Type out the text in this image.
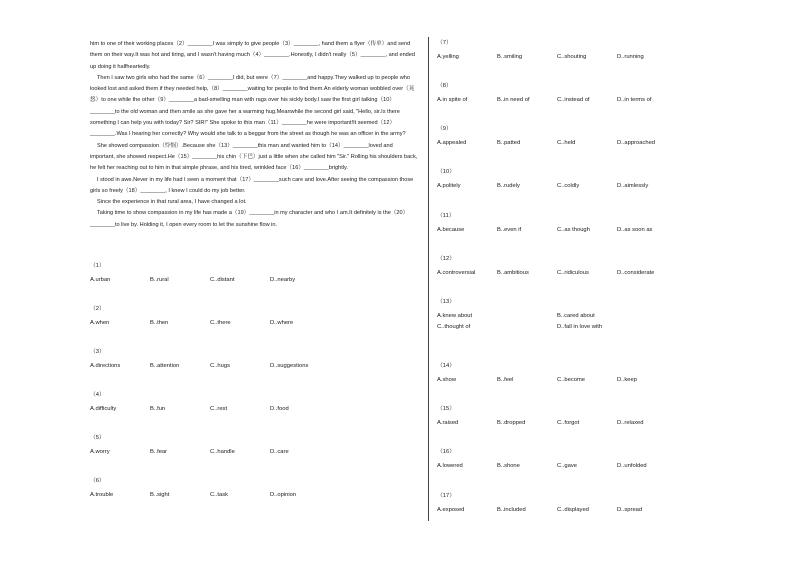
him to one of their working places（2）________I was simply to give people（3）________, hand them a flyer（传单）and send them on their way.It was hot and tiring, and I wasn't having much（4）________.Honestly, I didn't really（5）________, and ended up doing it halfheartedly.

Then I saw two girls who had the same（6）________I did, but were（7）________and happy.They walked up to people who looked lost and asked them if they needed help,（8）________waiting for people to find them.An elderly woman wobbled over（晃悠）to one while the other（9）________a bad-smelling man with rags over his sickly body.I saw the first girl talking（10）________to the old woman and then smile as she gave her a warming hug.Meanwhile the second girl said, "Hello, sir.Is there something I can help you with today? Sir? SIR!" She spoke to this man（11）________he were important!It seemed（12）________.Was I hearing her correctly? Why would she talk to a beggar from the street as though he was an officer in the army?

She showed compassion（怜悯）.Because she（13）________this man and wanted him to（14）________loved and important, she showed respect.He（15）________his chin（下巴）just a little when she called him "Sir." Rolling his shoulders back, he felt her reaching out to him in that simple phrase, and his tired, wrinkled face（16）________brightly.

I stood in awe.Never in my life had I seen a moment that（17）________such care and love.After seeing the compassion those girls so freely（18）________, I knew I could do my job better.

Since the experience in that rural area, I have changed a lot.

Taking time to show compassion in my life has made a（19）________in my character and who I am.It definitely is the（20）________to live by. Holding it, I open every room to let the sunshine flow in.

（1）
A.urban	B..rural	C..distant	D..nearby
（2）
A.when	B..then	C..there	D..where
（3）
A.directions	B..attention	C..hugs	D..suggestions
（4）
A.difficulty	B..fun	C..rest	D..food
（5）
A.worry	B..fear	C..handle	D..care
（6）
A.trouble	B..sight	C..task	D..opinion
（7）
A.yelling	B..smiling	C..shouting	D..running
（8）
A.in spite of	B..in need of	C..instead of	D..in terms of
（9）
A.appealed	B..patted	C..held	D..approached
（10）
A.politely	B..rudely	C..coldly	D..aimlessly
（11）
A.because	B..even if	C..as though	D..as soon as
（12）
A.controversial	B..ambitious	C..ridiculous	D..considerate
（13）
A.knew about	B..cared about
C..thought of	D..fall in love with
（14）
A.show	B..feel	C..become	D..keep
（15）
A.raised	B..dropped	C..forgot	D..relaxed
（16）
A.lowered	B..shone	C..gave	D..unfolded
（17）
A.exposed	B..included	C..displayed	D..spread
